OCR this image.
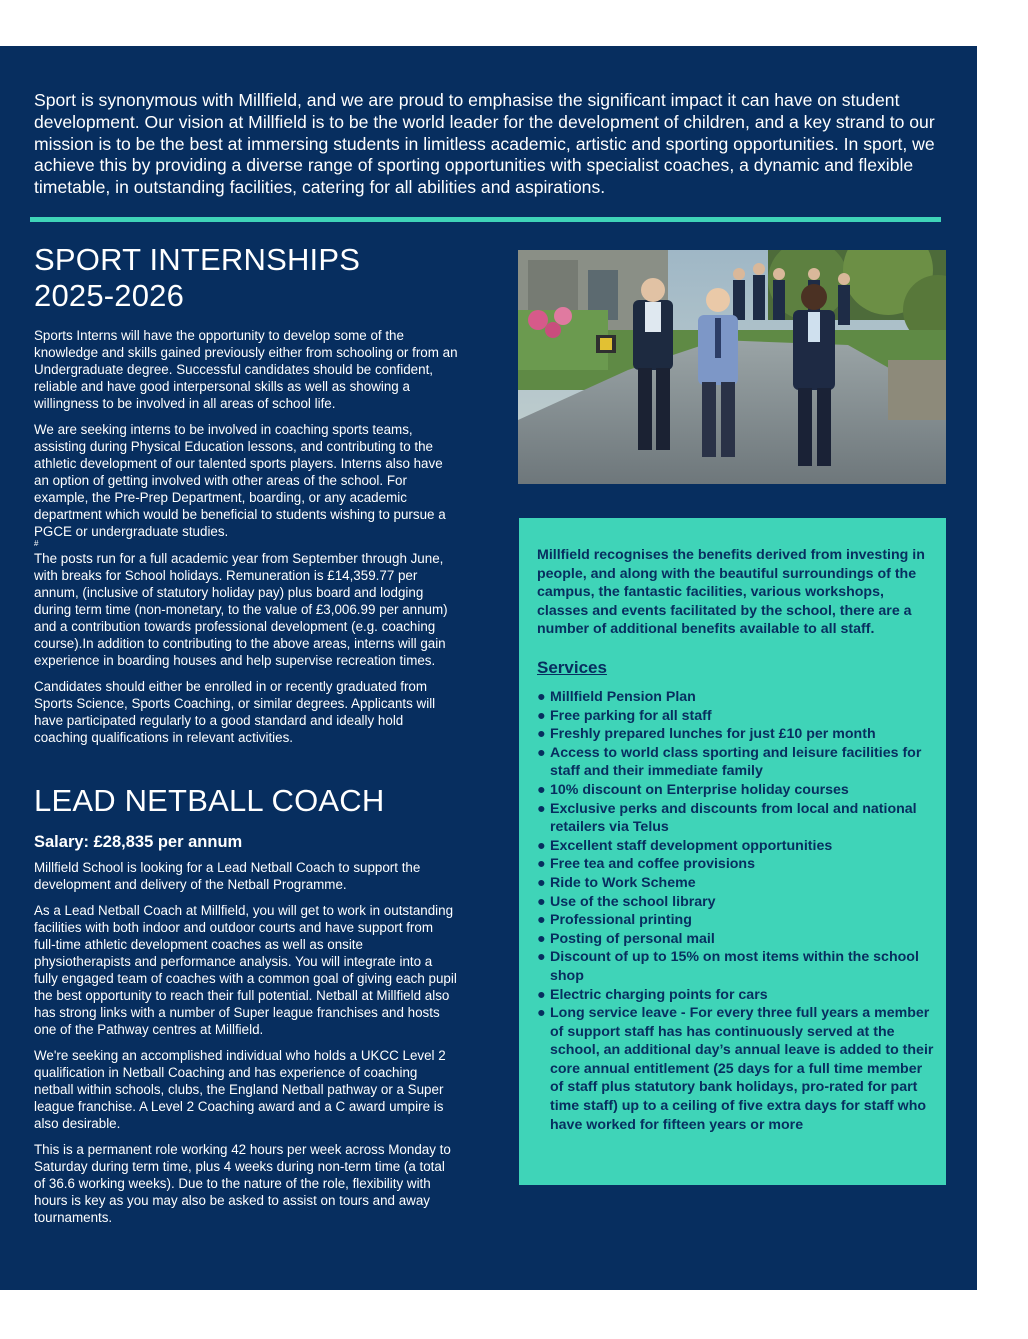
Sport is synonymous with Millfield, and we are proud to emphasise the significant impact it can have on student development. Our vision at Millfield is to be the world leader for the development of children, and a key strand to our mission is to be the best at immersing students in limitless academic, artistic and sporting opportunities. In sport, we achieve this by providing a diverse range of sporting opportunities with specialist coaches, a dynamic and flexible timetable, in outstanding facilities, catering for all abilities and aspirations.

SPORT INTERNSHIPS
2025-2026

Sports Interns will have the opportunity to develop some of the knowledge and skills gained previously either from schooling or from an Undergraduate degree. Successful candidates should be confident, reliable and have good interpersonal skills as well as showing a willingness to be involved in all areas of school life.

We are seeking interns to be involved in coaching sports teams, assisting during Physical Education lessons, and contributing to the athletic development of our talented sports players. Interns also have an option of getting involved with other areas of the school. For example, the Pre-Prep Department, boarding, or any academic department which would be beneficial to students wishing to pursue a PGCE or undergraduate studies.

#

The posts run for a full academic year from September through June, with breaks for School holidays. Remuneration is £14,359.77 per annum, (inclusive of statutory holiday pay) plus board and lodging during term time (non-monetary, to the value of £3,006.99 per annum) and a contribution towards professional development (e.g. coaching course).In addition to contributing to the above areas, interns will gain experience in boarding houses and help supervise recreation times.

Candidates should either be enrolled in or recently graduated from Sports Science, Sports Coaching, or similar degrees. Applicants will have participated regularly to a good standard and ideally hold coaching qualifications in relevant activities.

LEAD NETBALL COACH

Salary: £28,835 per annum

Millfield School is looking for a Lead Netball Coach to support the development and delivery of the Netball Programme.

As a Lead Netball Coach at Millfield, you will get to work in outstanding facilities with both indoor and outdoor courts and have support from full-time athletic development coaches as well as onsite physiotherapists and performance analysis. You will integrate into a fully engaged team of coaches with a common goal of giving each pupil the best opportunity to reach their full potential. Netball at Millfield also has strong links with a number of Super league franchises and hosts one of the Pathway centres at Millfield.

We're seeking an accomplished individual who holds a UKCC Level 2 qualification in Netball Coaching and has experience of coaching netball within schools, clubs, the England Netball pathway or a Super league franchise. A Level 2 Coaching award and a C award umpire is also desirable.

This is a permanent role working 42 hours per week across Monday to Saturday during term time, plus 4 weeks during non-term time (a total of 36.6 working weeks). Due to the nature of the role, flexibility with hours is key as you may also be asked to assist on tours and away tournaments.

Millfield recognises the benefits derived from investing in people, and along with the beautiful surroundings of the campus, the fantastic facilities, various workshops, classes and events facilitated by the school, there are a number of additional benefits available to all staff.

Services

● Millfield Pension Plan
● Free parking for all staff
● Freshly prepared lunches for just £10 per month
● Access to world class sporting and leisure facilities for staff and their immediate family
● 10% discount on Enterprise holiday courses
● Exclusive perks and discounts from local and national retailers via Telus
● Excellent staff development opportunities
● Free tea and coffee provisions
● Ride to Work Scheme
● Use of the school library
● Professional printing
● Posting of personal mail
● Discount of up to 15% on most items within the school shop
● Electric charging points for cars
● Long service leave - For every three full years a member of support staff has has continuously served at the school, an additional day’s annual leave is added to their core annual entitlement (25 days for a full time member of staff plus statutory bank holidays, pro-rated for part time staff) up to a ceiling of five extra days for staff who have worked for fifteen years or more
